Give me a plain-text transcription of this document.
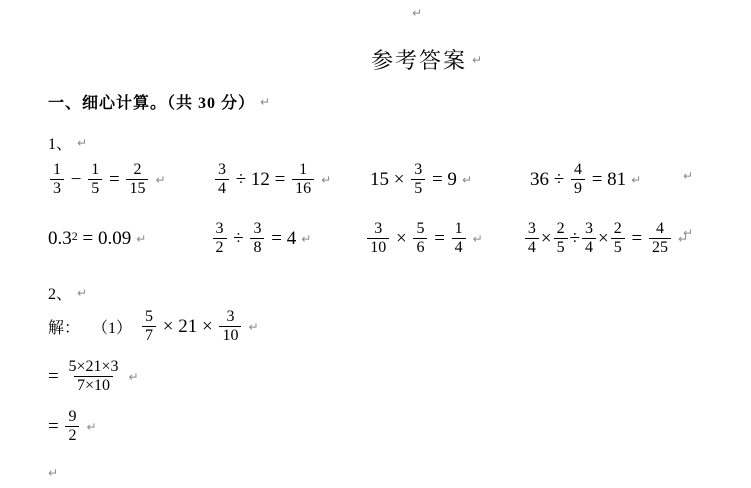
↵
参考答案 ↵
一、细心计算。（共 30 分） ↵
1、 ↵
$\frac{1}{3} - \frac{1}{5} = \frac{2}{15}$ ↵	$\frac{3}{4} \div 12 = \frac{1}{16}$ ↵ $15 \times \frac{3}{5} = 9$ ↵	$36 \div \frac{4}{9} = 81$ ↵	↵
0.3 2 = 0.09 ↵	$\frac{3}{2} \div \frac{3}{8} = 4$ ↵	$\frac{3}{10} \times \frac{5}{6} = \frac{1}{4}$ ↵	$\frac{3}{4} \times \frac{2}{5} \div \frac{3}{4} \times \frac{2}{5} = \frac{4}{25}$ ↵
↵
2、 ↵
解： $(1) \frac{5}{7} \times 21 \times \frac{3}{10}$ ↵
= $\frac{5\times 21\times 3}{7\times 10}$ ↵
= $\frac{9}{2}$ ↵
↵
